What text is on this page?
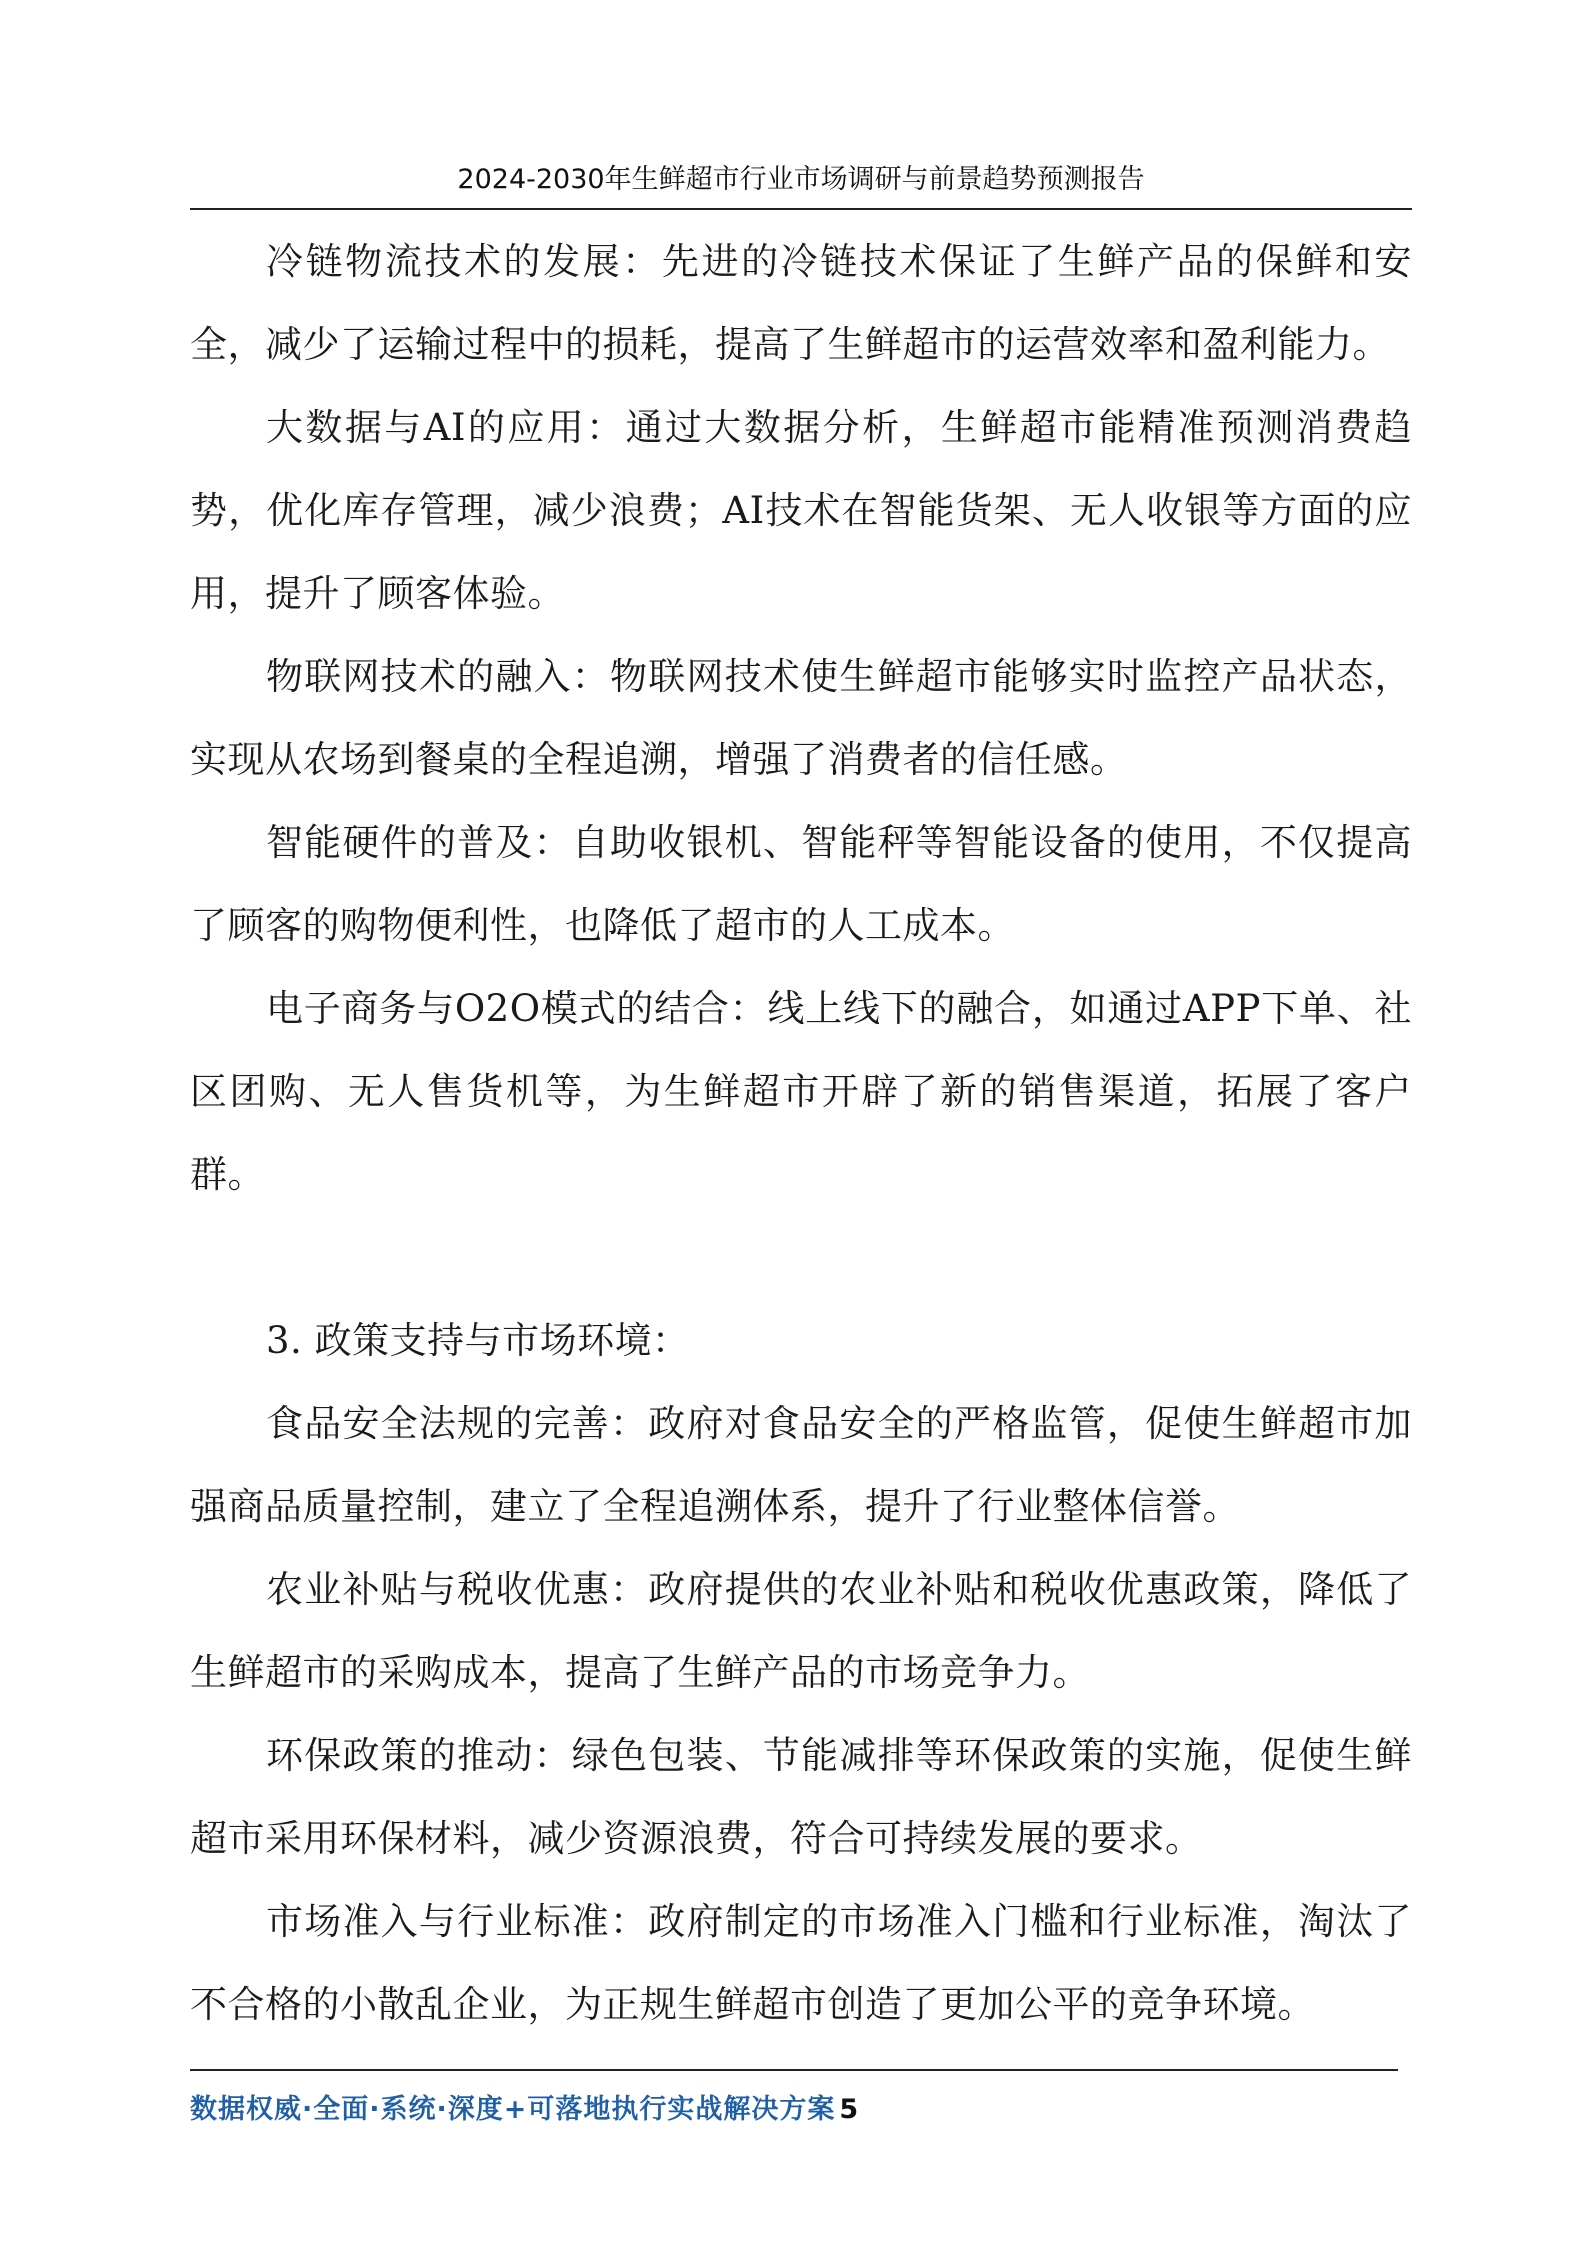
2024-2030年生鲜超市行业市场调研与前景趋势预测报告

冷链物流技术的发展：先进的冷链技术保证了生鲜产品的保鲜和安全，减少了运输过程中的损耗，提高了生鲜超市的运营效率和盈利能力。

大数据与AI的应用：通过大数据分析，生鲜超市能精准预测消费趋势，优化库存管理，减少浪费；AI技术在智能货架、无人收银等方面的应用，提升了顾客体验。

物联网技术的融入：物联网技术使生鲜超市能够实时监控产品状态，实现从农场到餐桌的全程追溯，增强了消费者的信任感。

智能硬件的普及：自助收银机、智能秤等智能设备的使用，不仅提高了顾客的购物便利性，也降低了超市的人工成本。

电子商务与O2O模式的结合：线上线下的融合，如通过APP下单、社区团购、无人售货机等，为生鲜超市开辟了新的销售渠道，拓展了客户群。

3. 政策支持与市场环境：

食品安全法规的完善：政府对食品安全的严格监管，促使生鲜超市加强商品质量控制，建立了全程追溯体系，提升了行业整体信誉。

农业补贴与税收优惠：政府提供的农业补贴和税收优惠政策，降低了生鲜超市的采购成本，提高了生鲜产品的市场竞争力。

环保政策的推动：绿色包装、节能减排等环保政策的实施，促使生鲜超市采用环保材料，减少资源浪费，符合可持续发展的要求。

市场准入与行业标准：政府制定的市场准入门槛和行业标准，淘汰了不合格的小散乱企业，为正规生鲜超市创造了更加公平的竞争环境。

数据权威·全面·系统·深度+可落地执行实战解决方案 5
